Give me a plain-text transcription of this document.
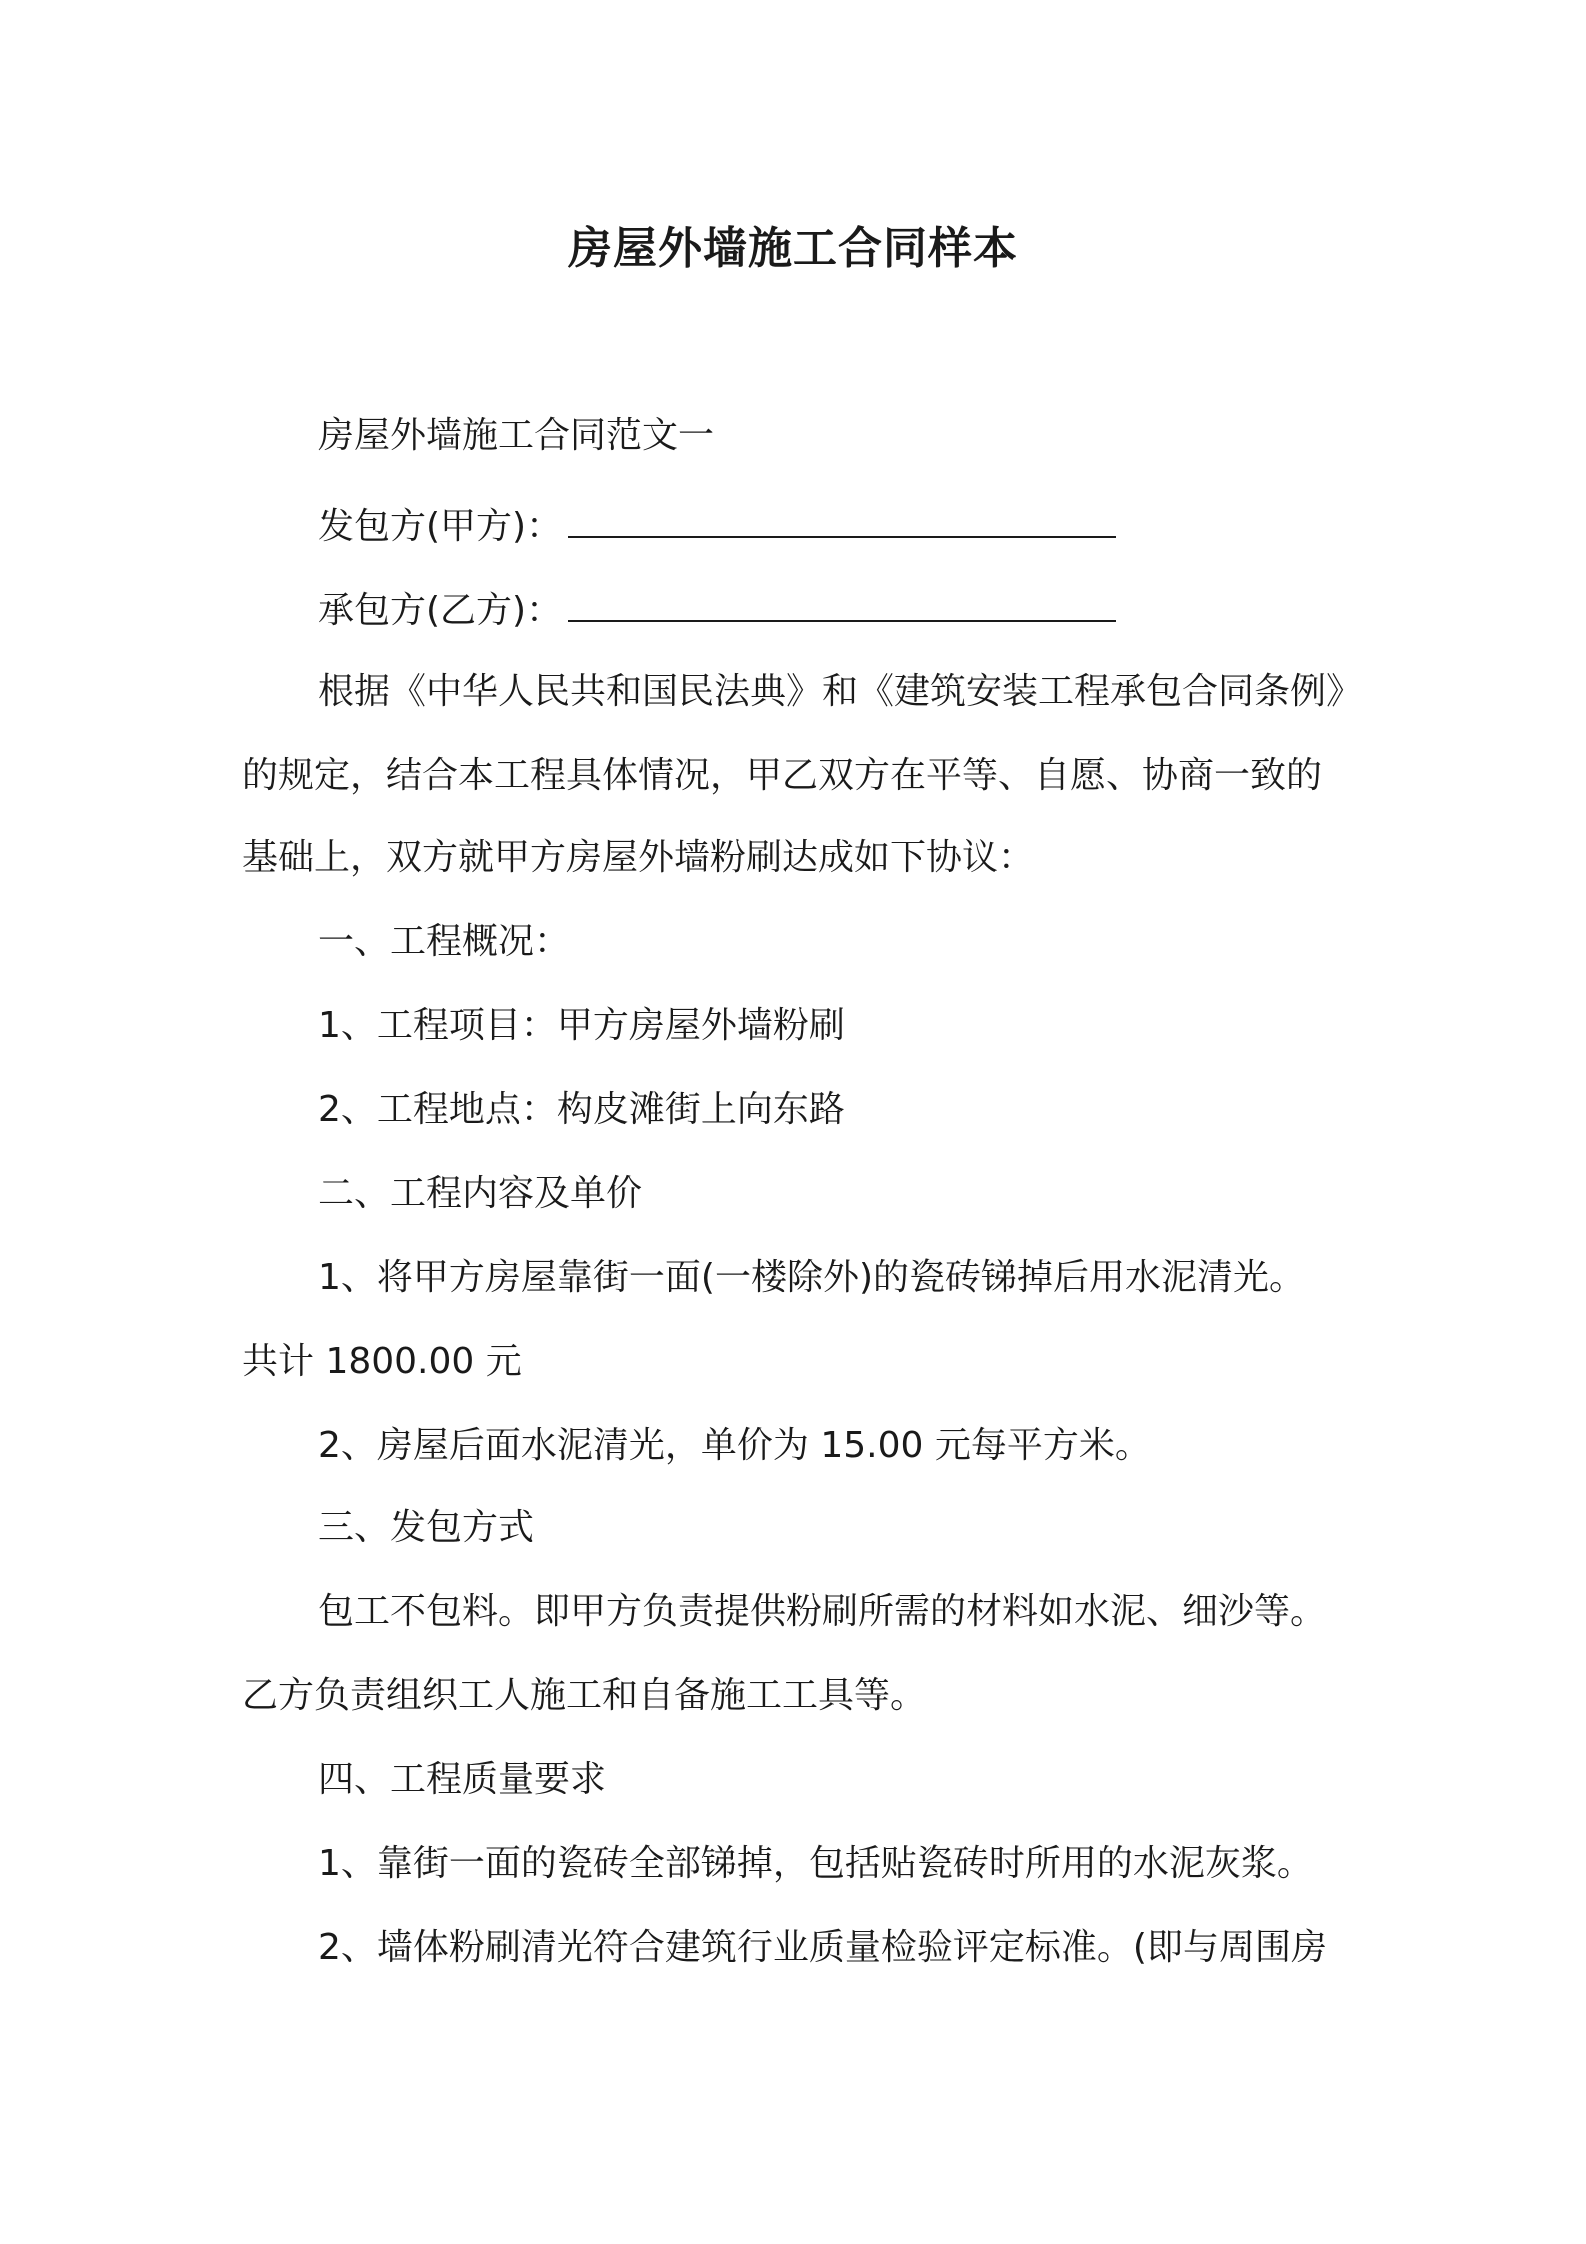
房屋外墙施工合同样本

房屋外墙施工合同范文一

发包方(甲方)：

承包方(乙方)：

根据《中华人民共和国民法典》和《建筑安装工程承包合同条例》

的规定，结合本工程具体情况，甲乙双方在平等、自愿、协商一致的

基础上，双方就甲方房屋外墙粉刷达成如下协议：

一、工程概况：

1、工程项目：甲方房屋外墙粉刷

2、工程地点：构皮滩街上向东路

二、工程内容及单价

1、将甲方房屋靠街一面(一楼除外)的瓷砖锑掉后用水泥清光。

共计 1800.00 元

2、房屋后面水泥清光，单价为 15.00 元每平方米。

三、发包方式

包工不包料。即甲方负责提供粉刷所需的材料如水泥、细沙等。

乙方负责组织工人施工和自备施工工具等。

四、工程质量要求

1、靠街一面的瓷砖全部锑掉，包括贴瓷砖时所用的水泥灰浆。

2、墙体粉刷清光符合建筑行业质量检验评定标准。(即与周围房
